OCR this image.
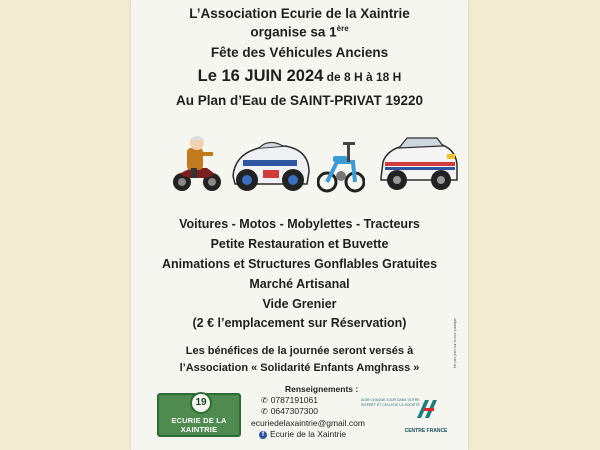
L’Association Ecurie de la Xaintrie
organise sa 1ère
Fête des Véhicules Anciens
Le 16 JUIN 2024 de 8 H à 18 H
Au Plan d’Eau de SAINT-PRIVAT 19220
Voitures - Motos - Mobylettes - Tracteurs
Petite Restauration et Buvette
Animations et Structures Gonflables Gratuites
Marché Artisanal
Vide Grenier
(2 € l’emplacement sur Réservation)
Les bénéfices de la journée seront versés à
l’Association « Solidarité Enfants Amghrass »
19
ECURIE DE LA XAINTRIE
Renseignements :
✆ 0787191061
✆ 0647307300
ecuriedelaxaintrie@gmail.com
f Ecurie de la Xaintrie
AGIR CHAQUE JOUR DANS VOTRE INTÉRÊT ET CELUI DE LA SOCIÉTÉ
CENTRE FRANCE
Ne pas jeter sur la voie publique
